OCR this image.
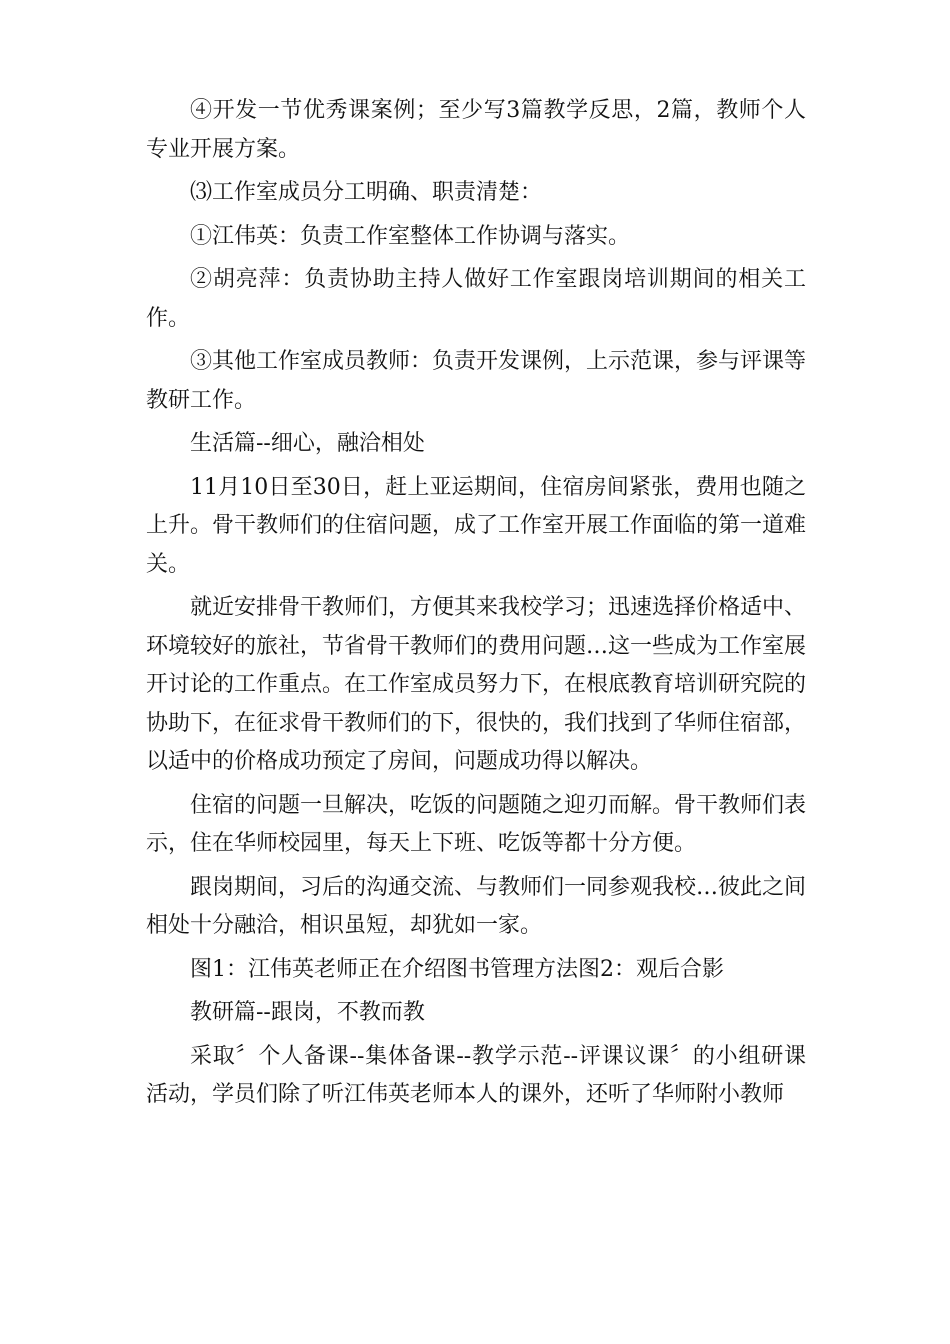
④开发一节优秀课案例；至少写3篇教学反思，2篇，教师个人专业开展方案。

⑶工作室成员分工明确、职责清楚：

①江伟英：负责工作室整体工作协调与落实。

②胡亮萍：负责协助主持人做好工作室跟岗培训期间的相关工作。

③其他工作室成员教师：负责开发课例，上示范课，参与评课等教研工作。

生活篇--细心，融洽相处

11月10日至30日，赶上亚运期间，住宿房间紧张，费用也随之上升。骨干教师们的住宿问题，成了工作室开展工作面临的第一道难关。

就近安排骨干教师们，方便其来我校学习；迅速选择价格适中、环境较好的旅社，节省骨干教师们的费用问题…这一些成为工作室展开讨论的工作重点。在工作室成员努力下，在根底教育培训研究院的协助下，在征求骨干教师们的下，很快的，我们找到了华师住宿部，以适中的价格成功预定了房间，问题成功得以解决。

住宿的问题一旦解决，吃饭的问题随之迎刃而解。骨干教师们表示，住在华师校园里，每天上下班、吃饭等都十分方便。

跟岗期间，习后的沟通交流、与教师们一同参观我校…彼此之间相处十分融洽，相识虽短，却犹如一家。

图1：江伟英老师正在介绍图书管理方法图2：观后合影

教研篇--跟岗，不教而教

采取〞个人备课--集体备课--教学示范--评课议课〞的小组研课活动，学员们除了听江伟英老师本人的课外，还听了华师附小教师
